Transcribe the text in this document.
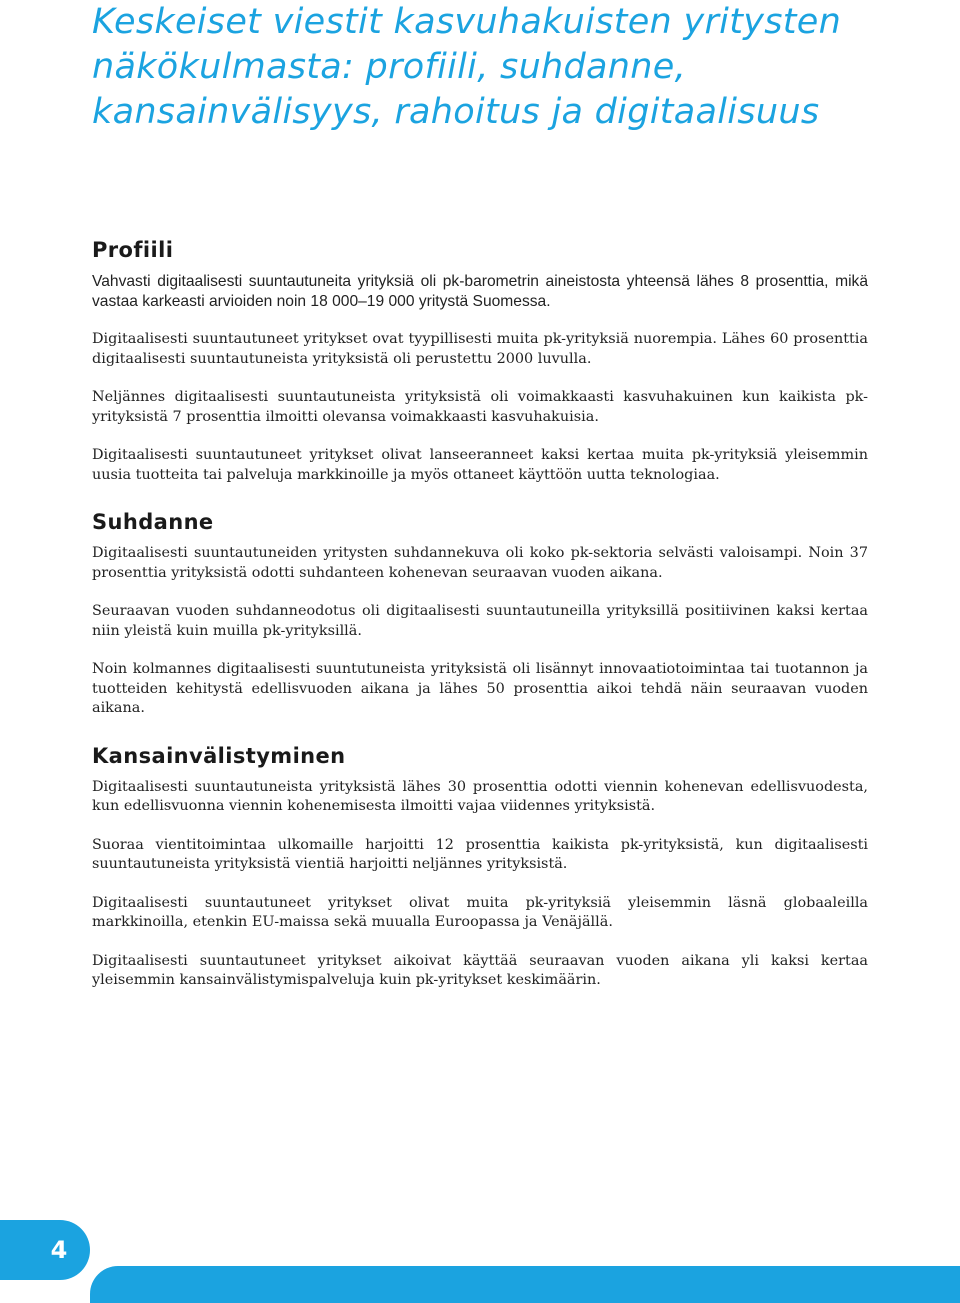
Keskeiset viestit kasvuhakuisten yritysten näkökulmasta: profiili, suhdanne, kansainvälisyys, rahoitus ja digitaalisuus
Profiili

Vahvasti digitaalisesti suuntautuneita yrityksiä oli pk-barometrin aineistosta yhteensä lähes 8 prosenttia, mikä vastaa karkeasti arvioiden noin 18 000–19 000 yritystä Suomessa.

Digitaalisesti suuntautuneet yritykset ovat tyypillisesti muita pk-yrityksiä nuorempia. Lähes 60 prosenttia digitaalisesti suuntautuneista yrityksistä oli perustettu 2000 luvulla.

Neljännes digitaalisesti suuntautuneista yrityksistä oli voimakkaasti kasvuhakuinen kun kaikista pk-yrityksistä 7 prosenttia ilmoitti olevansa voimakkaasti kasvuhakuisia.

Digitaalisesti suuntautuneet yritykset olivat lanseeranneet kaksi kertaa muita pk-yrityksiä yleisemmin uusia tuotteita tai palveluja markkinoille ja myös ottaneet käyttöön uutta teknologiaa.

Suhdanne

Digitaalisesti suuntautuneiden yritysten suhdannekuva oli koko pk-sektoria selvästi valoisampi. Noin 37 prosenttia yrityksistä odotti suhdanteen kohenevan seuraavan vuoden aikana.

Seuraavan vuoden suhdanneodotus oli digitaalisesti suuntautuneilla yrityksillä positiivinen kaksi kertaa niin yleistä kuin muilla pk-yrityksillä.

Noin kolmannes digitaalisesti suuntutuneista yrityksistä oli lisännyt innovaatiotoimintaa tai tuotannon ja tuotteiden kehitystä edellisvuoden aikana ja lähes 50 prosenttia aikoi tehdä näin seuraavan vuoden aikana.

Kansainvälistyminen

Digitaalisesti suuntautuneista yrityksistä lähes 30 prosenttia odotti viennin kohenevan edellisvuodesta, kun edellisvuonna viennin kohenemisesta ilmoitti vajaa viidennes yrityksistä.

Suoraa vientitoimintaa ulkomaille harjoitti 12 prosenttia kaikista pk-yrityksistä, kun digitaalisesti suuntautuneista yrityksistä vientiä harjoitti neljännes yrityksistä.

Digitaalisesti suuntautuneet yritykset olivat muita pk-yrityksiä yleisemmin läsnä globaaleilla markkinoilla, etenkin EU-maissa sekä muualla Euroopassa ja Venäjällä.

Digitaalisesti suuntautuneet yritykset aikoivat käyttää seuraavan vuoden aikana yli kaksi kertaa yleisemmin kansainvälistymispalveluja kuin pk-yritykset keskimäärin.

4
